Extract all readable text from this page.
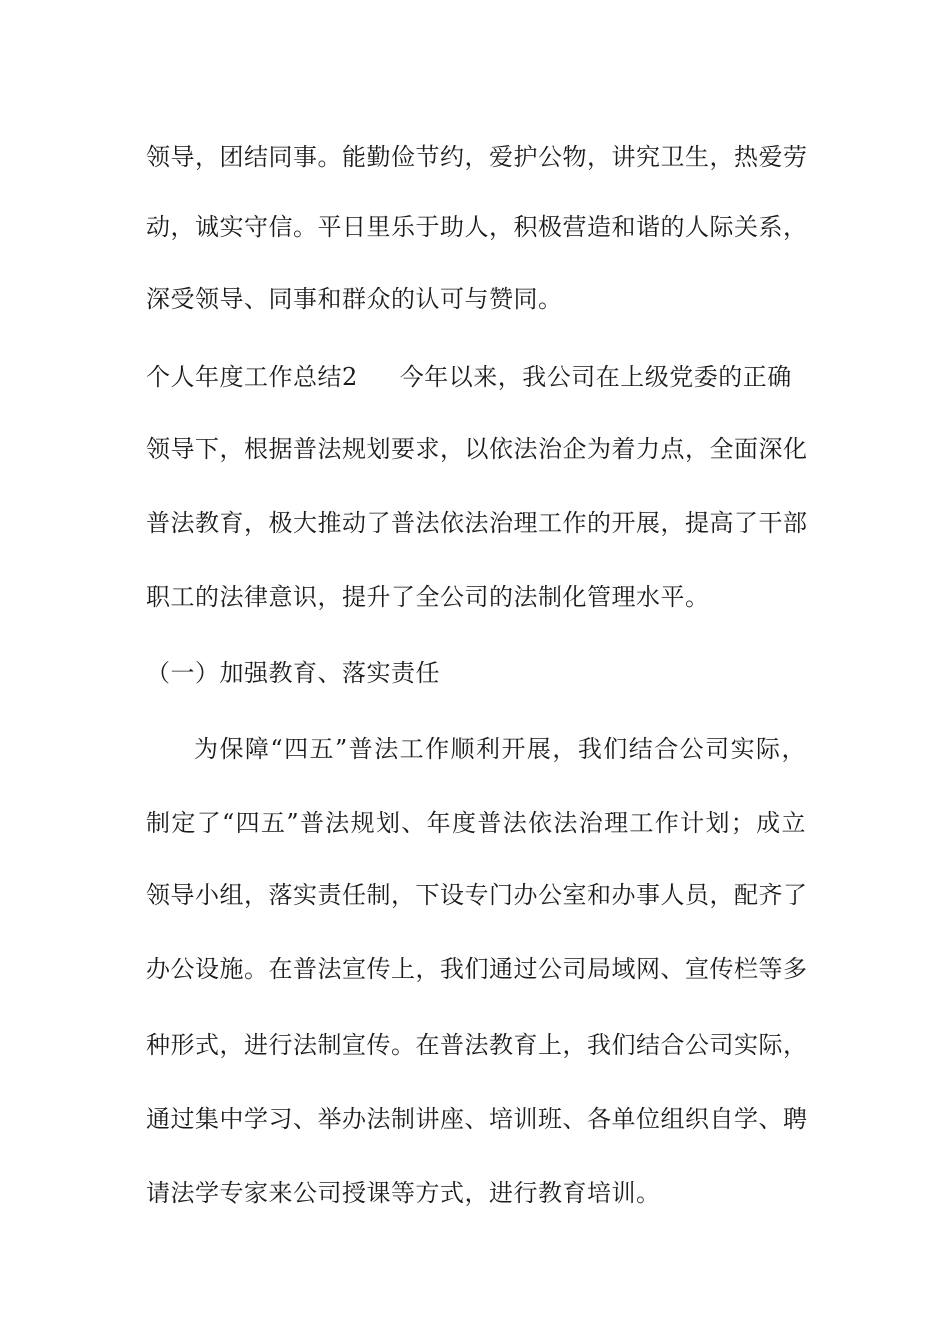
领导，团结同事。能勤俭节约，爱护公物，讲究卫生，热爱劳

动，诚实守信。平日里乐于助人，积极营造和谐的人际关系，

深受领导、同事和群众的认可与赞同。

个人年度工作总结2 今年以来，我公司在上级党委的正确

领导下，根据普法规划要求，以依法治企为着力点，全面深化

普法教育，极大推动了普法依法治理工作的开展，提高了干部

职工的法律意识，提升了全公司的法制化管理水平。

（一）加强教育、落实责任

为保障“四五”普法工作顺利开展，我们结合公司实际，

制定了“四五”普法规划、年度普法依法治理工作计划；成立

领导小组，落实责任制，下设专门办公室和办事人员，配齐了

办公设施。在普法宣传上，我们通过公司局域网、宣传栏等多

种形式，进行法制宣传。在普法教育上，我们结合公司实际，

通过集中学习、举办法制讲座、培训班、各单位组织自学、聘

请法学专家来公司授课等方式，进行教育培训。
